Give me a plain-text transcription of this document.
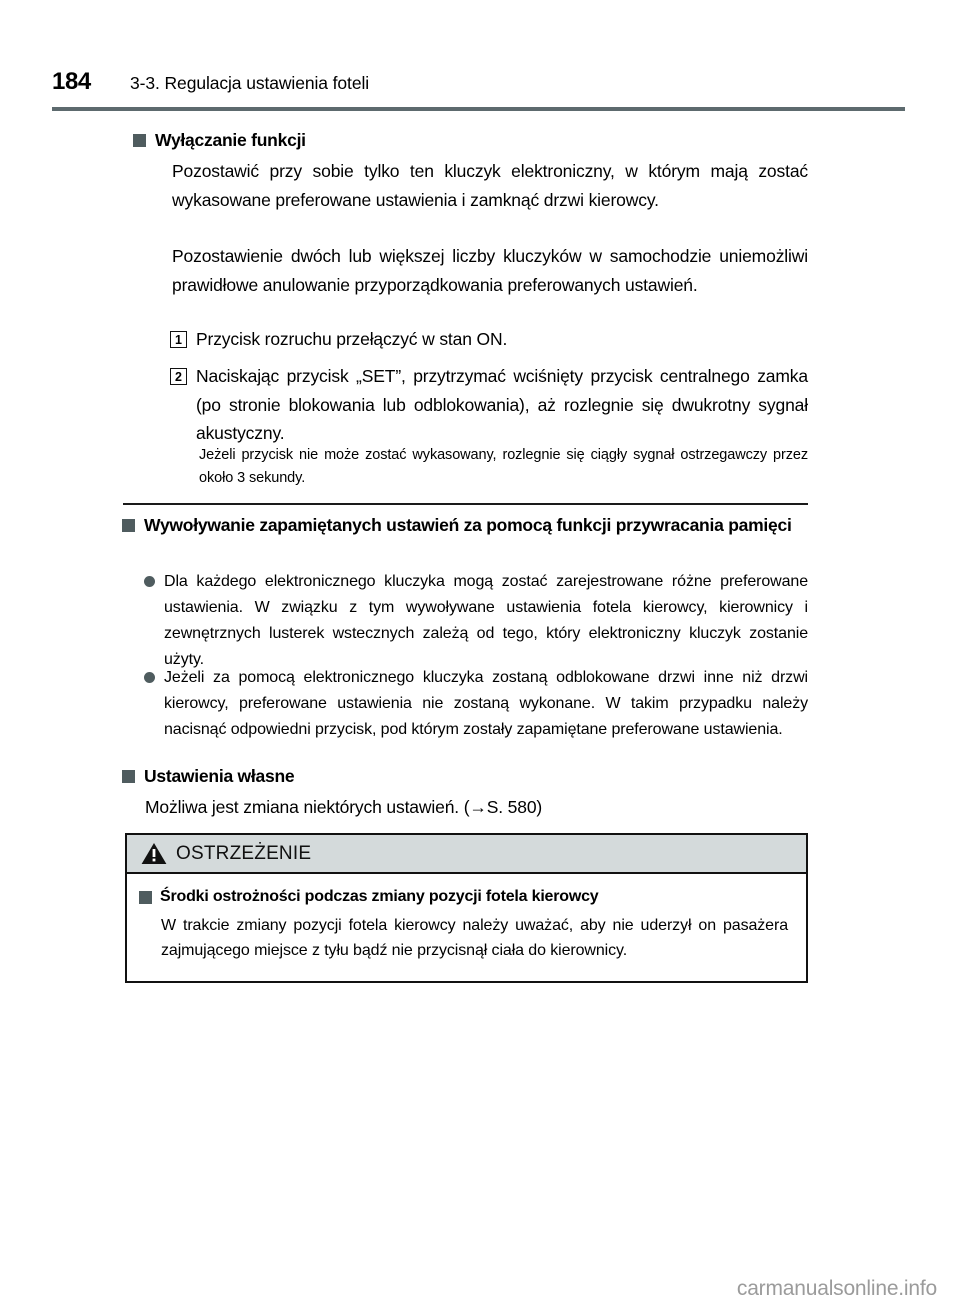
184	3-3. Regulacja ustawienia foteli
Wyłączanie funkcji
Pozostawić przy sobie tylko ten kluczyk elektroniczny, w którym mają zostać wykasowane preferowane ustawienia i zamknąć drzwi kierowcy.
Pozostawienie dwóch lub większej liczby kluczyków w samochodzie uniemożliwi prawidłowe anulowanie przyporządkowania preferowanych ustawień.
1 Przycisk rozruchu przełączyć w stan ON.
2 Naciskając przycisk „SET”, przytrzymać wciśnięty przycisk centralnego zamka (po stronie blokowania lub odblokowania), aż rozlegnie się dwukrotny sygnał akustyczny.
Jeżeli przycisk nie może zostać wykasowany, rozlegnie się ciągły sygnał ostrzegawczy przez około 3 sekundy.
Wywoływanie zapamiętanych ustawień za pomocą funkcji przywracania pamięci
Dla każdego elektronicznego kluczyka mogą zostać zarejestrowane różne preferowane ustawienia. W związku z tym wywoływane ustawienia fotela kierowcy, kierownicy i zewnętrznych lusterek wstecznych zależą od tego, który elektroniczny kluczyk zostanie użyty.
Jeżeli za pomocą elektronicznego kluczyka zostaną odblokowane drzwi inne niż drzwi kierowcy, preferowane ustawienia nie zostaną wykonane. W takim przypadku należy nacisnąć odpowiedni przycisk, pod którym zostały zapamiętane preferowane ustawienia.
Ustawienia własne
Możliwa jest zmiana niektórych ustawień. (→S. 580)
OSTRZEŻENIE
Środki ostrożności podczas zmiany pozycji fotela kierowcy
W trakcie zmiany pozycji fotela kierowcy należy uważać, aby nie uderzył on pasażera zajmującego miejsce z tyłu bądź nie przycisnął ciała do kierownicy.
carmanualsonline.info
